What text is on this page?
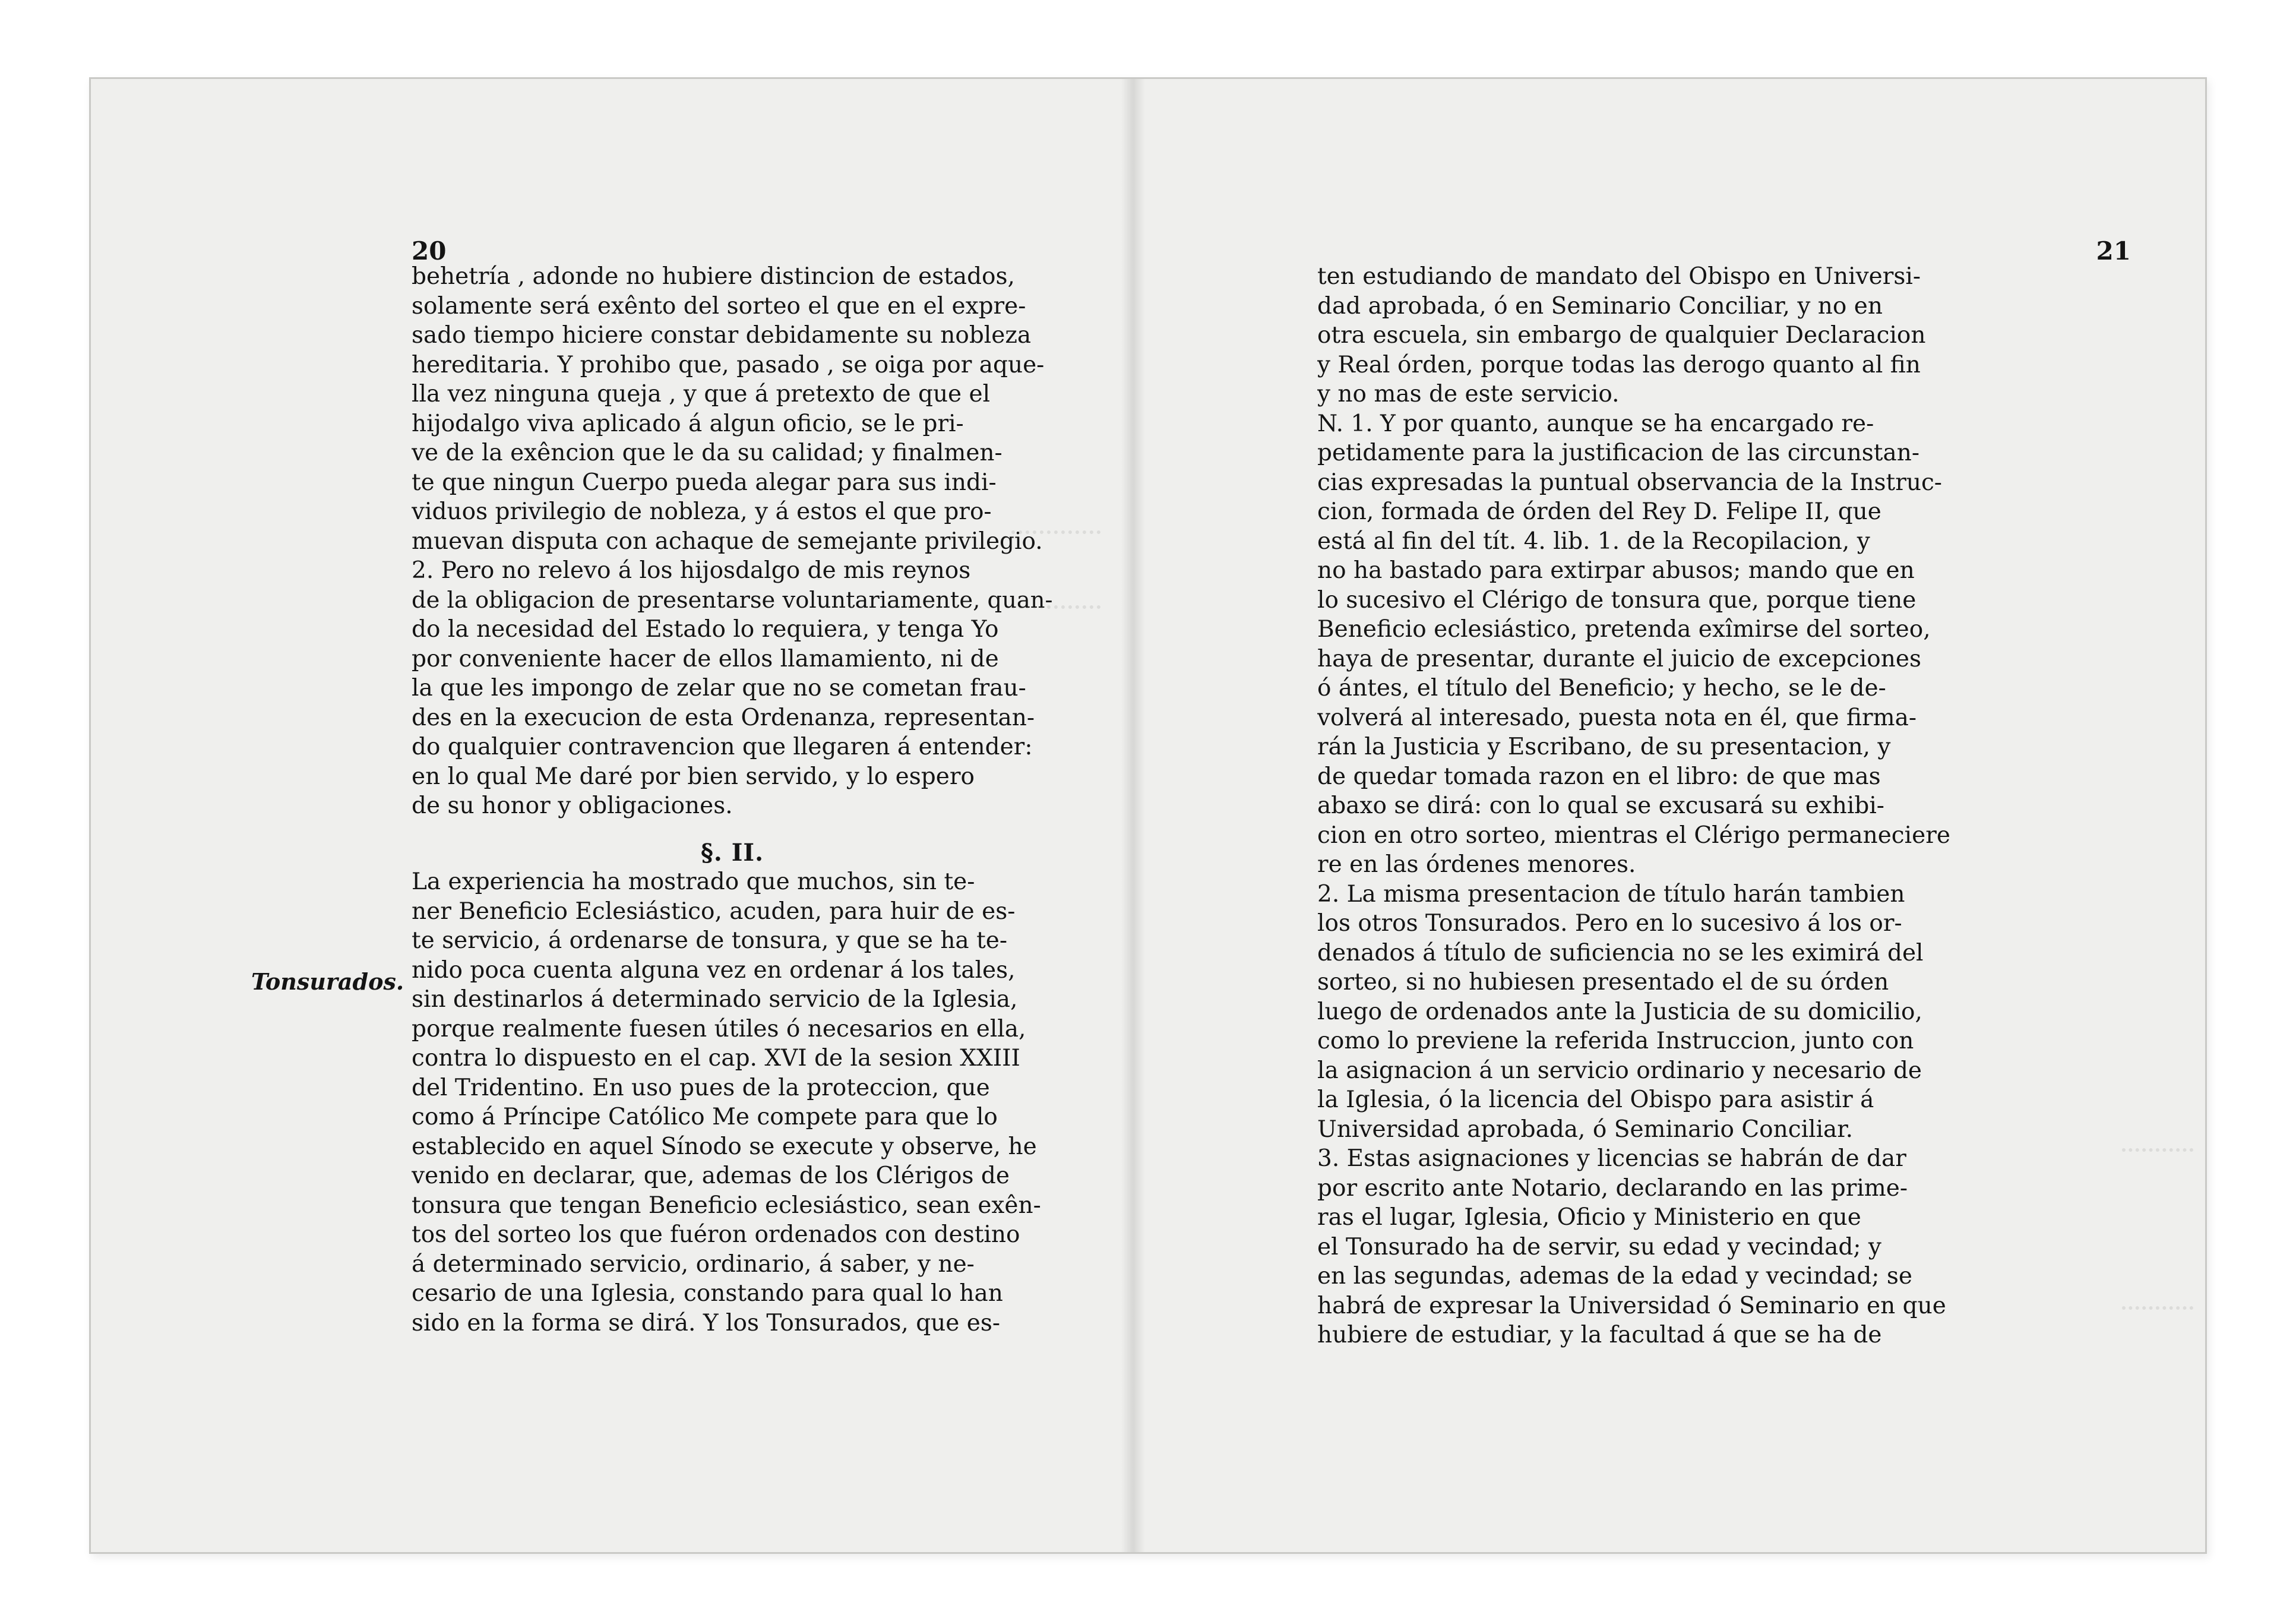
20
Tonsurados.
behetría , adonde no hubiere distincion de estados,
solamente será exênto del sorteo el que en el expre-
sado tiempo hiciere constar debidamente su nobleza
hereditaria. Y prohibo que, pasado , se oiga por aque-
lla vez ninguna queja , y que á pretexto de que el
hijodalgo viva aplicado á algun oficio, se le pri-
ve de la exêncion que le da su calidad; y finalmen-
te que ningun Cuerpo pueda alegar para sus indi-
viduos privilegio de nobleza, y á estos el que pro-
muevan disputa con achaque de semejante privilegio.
2. Pero no relevo á los hijosdalgo de mis reynos
de la obligacion de presentarse voluntariamente, quan-
do la necesidad del Estado lo requiera, y tenga Yo
por conveniente hacer de ellos llamamiento, ni de
la que les impongo de zelar que no se cometan frau-
des en la execucion de esta Ordenanza, representan-
do qualquier contravencion que llegaren á entender:
en lo qual Me daré por bien servido, y lo espero
de su honor y obligaciones.
§. II.
La experiencia ha mostrado que muchos, sin te-
ner Beneficio Eclesiástico, acuden, para huir de es-
te servicio, á ordenarse de tonsura, y que se ha te-
nido poca cuenta alguna vez en ordenar á los tales,
sin destinarlos á determinado servicio de la Iglesia,
porque realmente fuesen útiles ó necesarios en ella,
contra lo dispuesto en el cap. XVI de la sesion XXIII
del Tridentino. En uso pues de la proteccion, que
como á Príncipe Católico Me compete para que lo
establecido en aquel Sínodo se execute y observe, he
venido en declarar, que, ademas de los Clérigos de
tonsura que tengan Beneficio eclesiástico, sean exên-
tos del sorteo los que fuéron ordenados con destino
á determinado servicio, ordinario, á saber, y ne-
cesario de una Iglesia, constando para qual lo han
sido en la forma se dirá. Y los Tonsurados, que es-
21
ten estudiando de mandato del Obispo en Universi-
dad aprobada, ó en Seminario Conciliar, y no en
otra escuela, sin embargo de qualquier Declaracion
y Real órden, porque todas las derogo quanto al fin
y no mas de este servicio.
N. 1. Y por quanto, aunque se ha encargado re-
petidamente para la justificacion de las circunstan-
cias expresadas la puntual observancia de la Instruc-
cion, formada de órden del Rey D. Felipe II, que
está al fin del tít. 4. lib. 1. de la Recopilacion, y
no ha bastado para extirpar abusos; mando que en
lo sucesivo el Clérigo de tonsura que, porque tiene
Beneficio eclesiástico, pretenda exîmirse del sorteo,
haya de presentar, durante el juicio de excepciones
ó ántes, el título del Beneficio; y hecho, se le de-
volverá al interesado, puesta nota en él, que firma-
rán la Justicia y Escribano, de su presentacion, y
de quedar tomada razon en el libro: de que mas
abaxo se dirá: con lo qual se excusará su exhibi-
cion en otro sorteo, mientras el Clérigo permaneciere
re en las órdenes menores.
2. La misma presentacion de título harán tambien
los otros Tonsurados. Pero en lo sucesivo á los or-
denados á título de suficiencia no se les eximirá del
sorteo, si no hubiesen presentado el de su órden
luego de ordenados ante la Justicia de su domicilio,
como lo previene la referida Instruccion, junto con
la asignacion á un servicio ordinario y necesario de
la Iglesia, ó la licencia del Obispo para asistir á
Universidad aprobada, ó Seminario Conciliar.
3. Estas asignaciones y licencias se habrán de dar
por escrito ante Notario, declarando en las prime-
ras el lugar, Iglesia, Oficio y Ministerio en que
el Tonsurado ha de servir, su edad y vecindad; y
en las segundas, ademas de la edad y vecindad; se
habrá de expresar la Universidad ó Seminario en que
hubiere de estudiar, y la facultad á que se ha de
